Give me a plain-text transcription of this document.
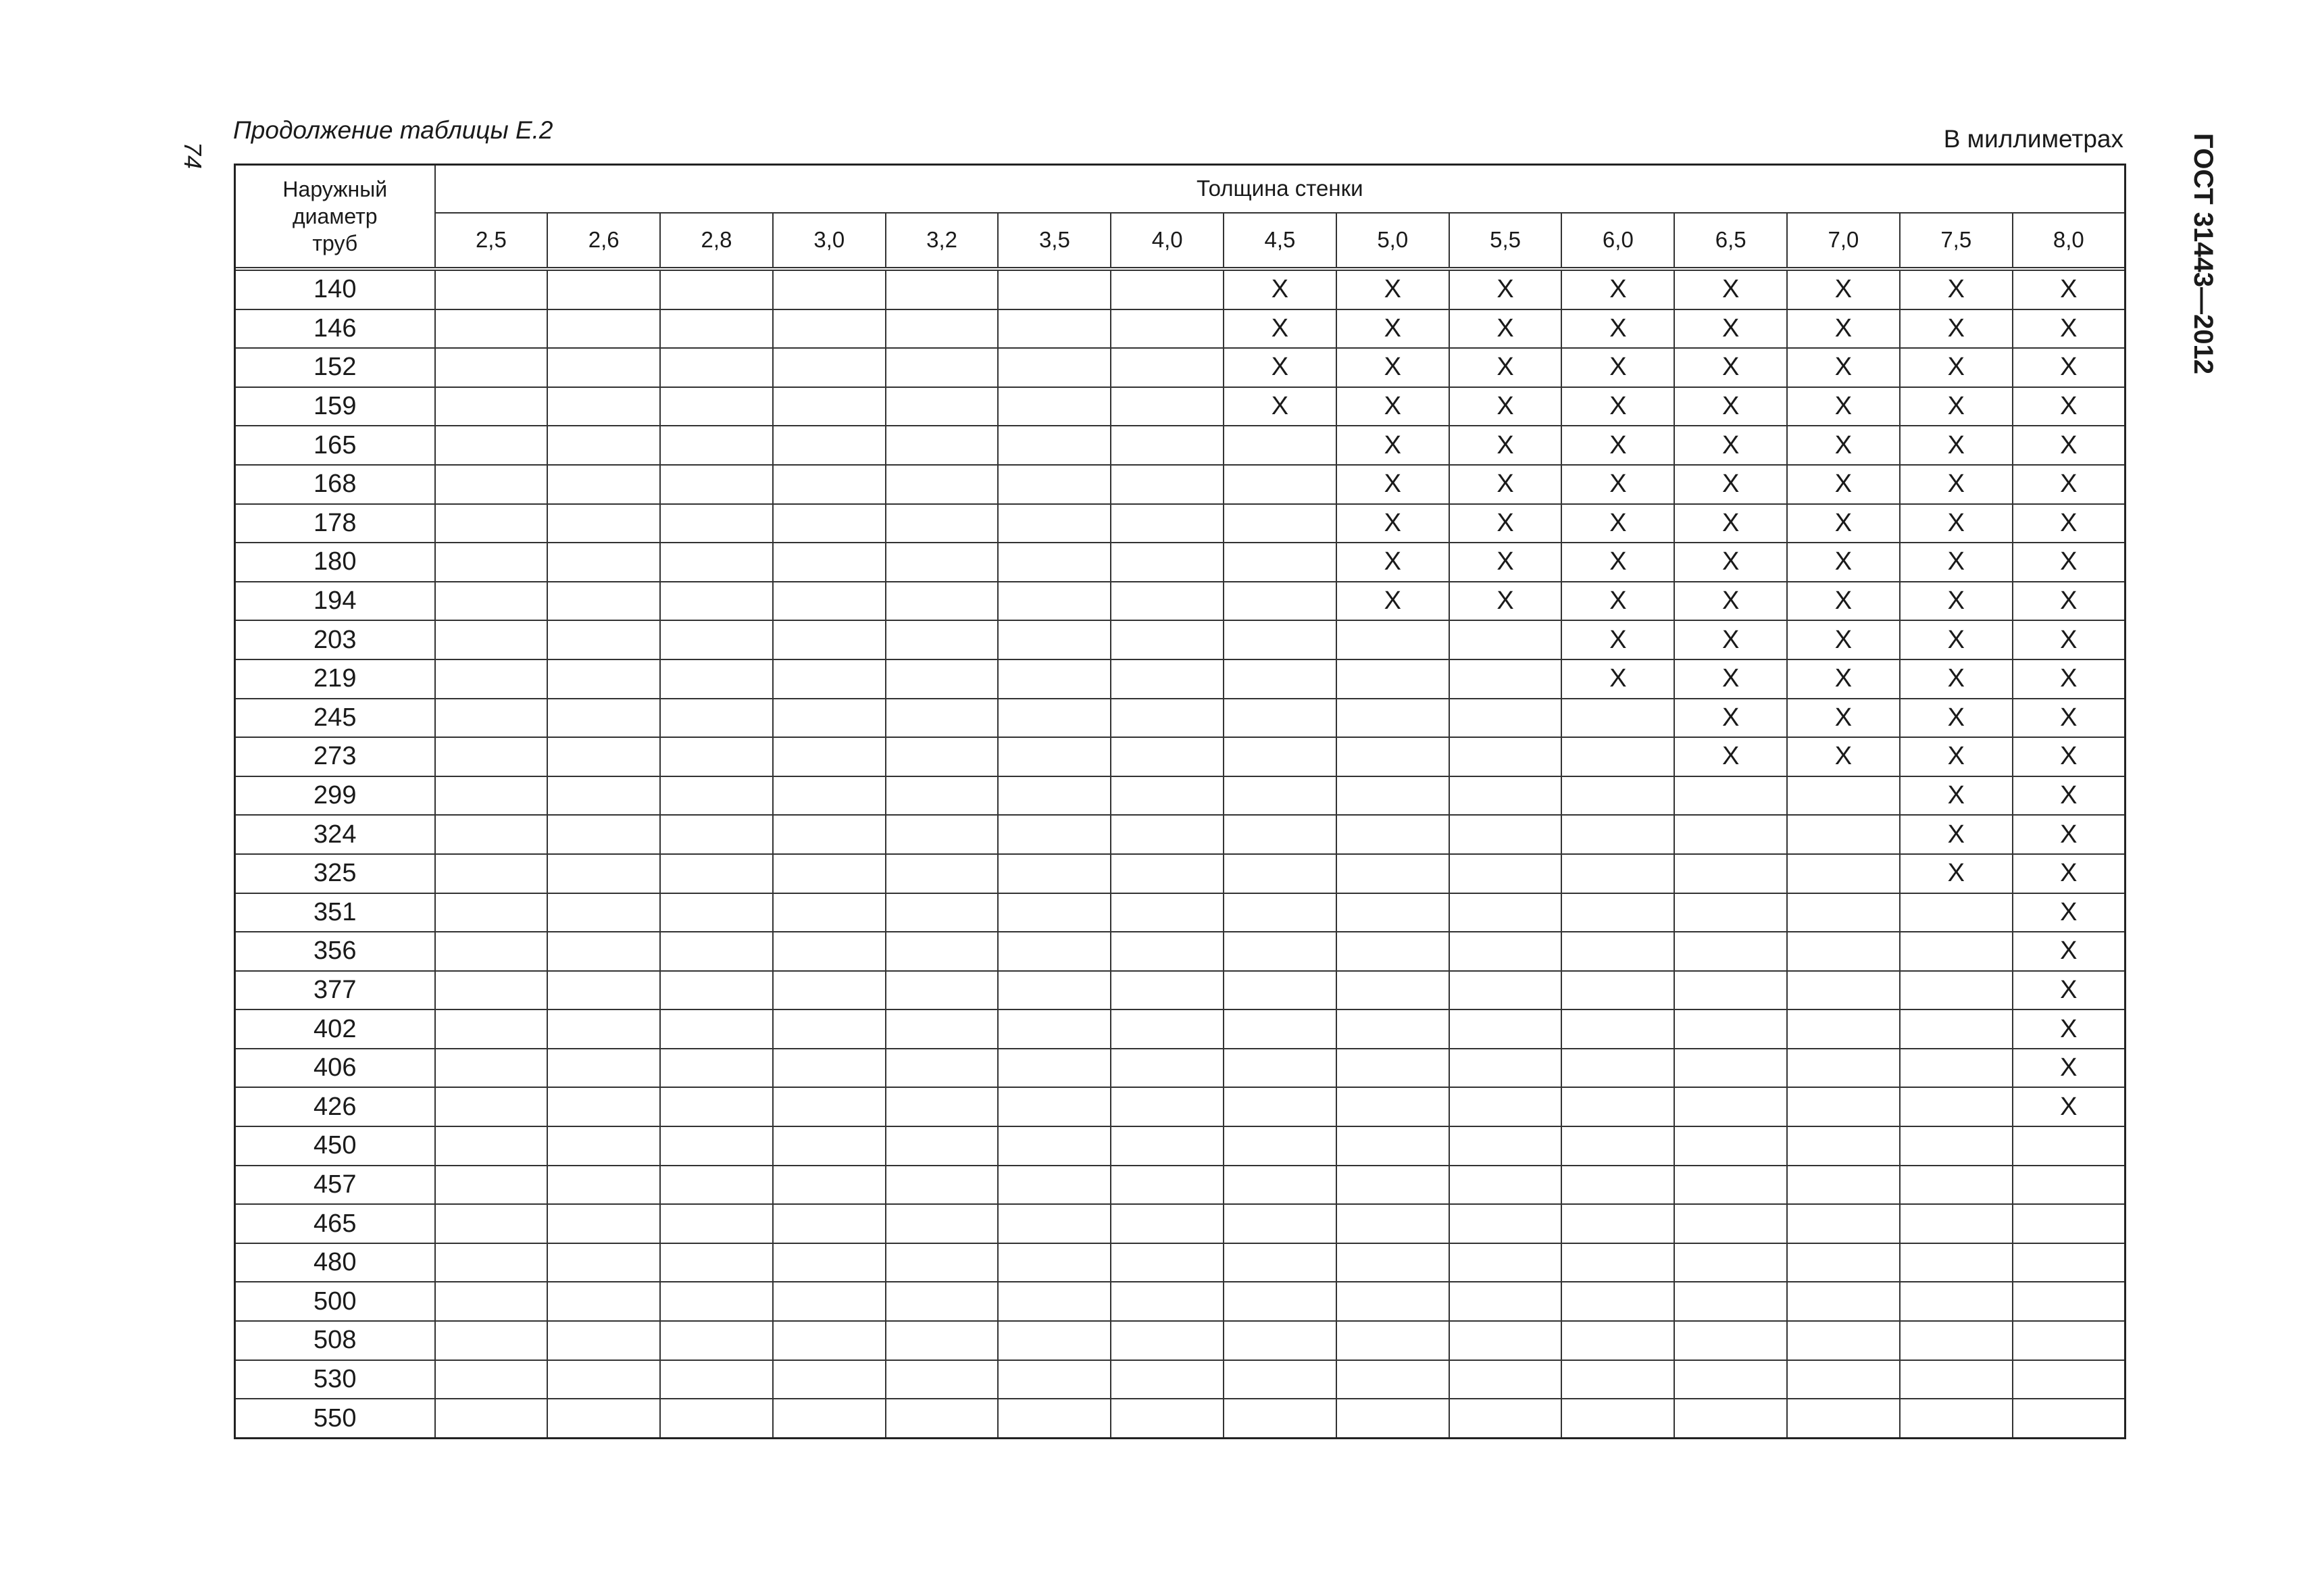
74
Продолжение таблицы Е.2	В миллиметрах ГОСТ 31443—2012
Наружный
диаметр
труб	Толщина стенки														
	2,5	2,6	2,8	3,0	3,2	3,5	4,0	4,5	5,0	5,5	6,0	6,5	7,0	7,5	8,0

140								X	X	X	X	X	X	X	X
146								X	X	X	X	X	X	X	X
152								X	X	X	X	X	X	X	X
159								X	X	X	X	X	X	X	X
165									X	X	X	X	X	X	X
168									X	X	X	X	X	X	X
178									X	X	X	X	X	X	X
180									X	X	X	X	X	X	X
194									X	X	X	X	X	X	X
203											X	X	X	X	X
219											X	X	X	X	X
245												X	X	X	X
273												X	X	X	X
299														X	X
324														X	X
325														X	X
351															X
356															X
377															X
402															X
406															X
426															X
450															
457															
465															
480															
500															
508															
530															
550															
